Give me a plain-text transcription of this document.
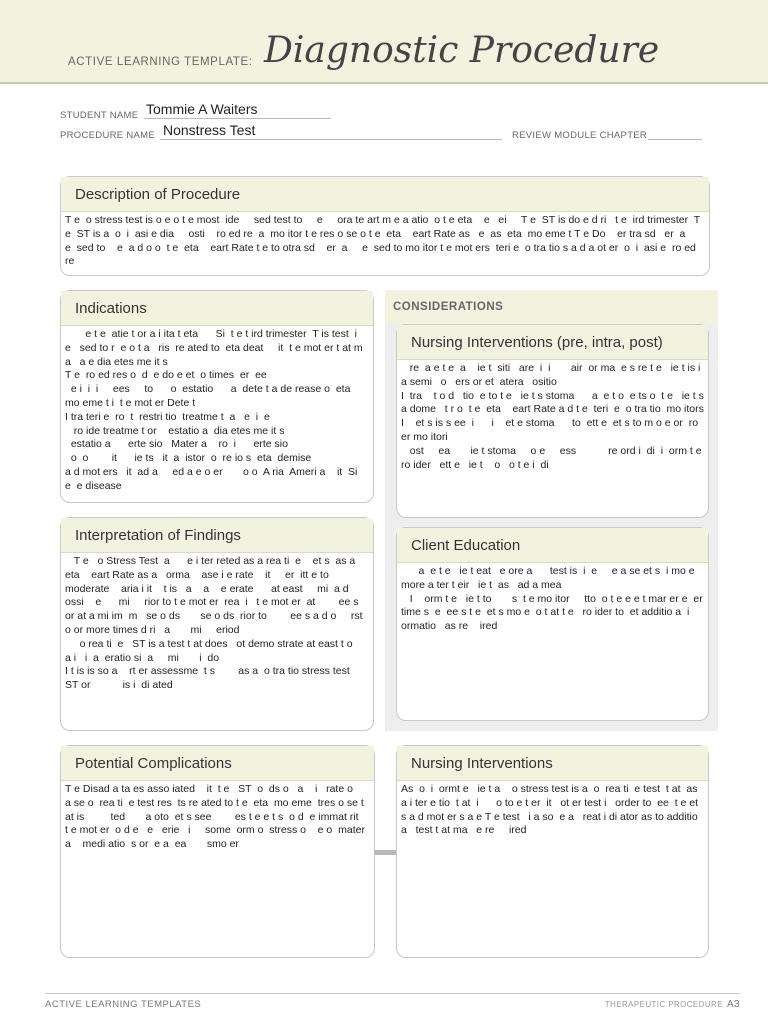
ACTIVE LEARNING TEMPLATE: Diagnostic Procedure
STUDENT NAME Tommie A Waiters
PROCEDURE NAME Nonstress Test	REVIEW MODULE CHAPTER
Description of Procedure
T e  o stress test is o e o t e most  ide     sed test to     e     ora te art m e a atio  o t e eta    e   ei     T e  ST is do e d ri   t e  ird trimester  T e  ST is a  o  i  asi e dia     osti    ro ed re  a  mo itor t e res o se o t e  eta    eart Rate as   e  as  eta  mo eme t T e Do    er tra sd   er  a     e  sed to    e  a d o o  t e  eta    eart Rate t e to otra sd    er  a     e  sed to mo itor t e mot ers  teri e  o tra tio s a d a ot er  o  i  asi e  ro ed re
Indications
e t e  atie t or a i ita t eta      Si  t e t ird trimester  T is test  i   e   sed to r  e o t a   ris  re ated to  eta deat     it  t e mot er t at m a   a e dia etes me it s
T e  ro ed res o  d  e do e et  o times  er  ee
e i  i  i     ees     to      o  estatio      a  dete t a de rease o  eta  mo eme t i  t e mot er Dete t
I tra teri e  ro  t  restri tio  treatme t  a   e  i  e
ro ide treatme t or    estatio a  dia etes me it s
estatio a      erte sio   Mater a    ro  i      erte sio
o  o        it      ie ts   it  a  istor  o  re io s  eta  demise
a d mot ers   it  ad a     ed a e o er       o o  A ria  Ameri a    it  Si    e  e disease
Interpretation of Findings
T e   o Stress Test  a      e i ter reted as a rea ti  e    et s  as a    eta    eart Rate as a   orma    ase i e rate    it     er  itt e to moderate    aria i it    t is   a    a    e erate      at east     mi  a d  ossi    e      mi     rior to t e mot er  rea  i   t e mot er  at        ee s or at a mi im  m   se o ds       se o ds  rior to        ee s a d o     rst  o or more times d ri   a       mi     eriod
o rea ti  e   ST is a test t at does   ot demo strate at east t o       a i   i  a  eratio si  a     mi       i  do
I t is is so a    rt er assessme  t s        as a  o tra tio stress test   ST or           is i  di ated
CONSIDERATIONS
Nursing Interventions (pre, intra, post)
re  a e t e  a    ie t  siti   are  i  i       air  or ma  e s re t e   ie t is i  a semi   o   ers or et  atera   ositio
I  tra    t o d   tio  e to t e   ie t s stoma      a  e t o  e ts o  t e   ie t s a dome   t r o  t e  eta    eart Rate a d t e  teri  e  o tra tio  mo itors I    et s is s ee  i      i    et e stoma      to  ett e  et s to m o e or  ro  er mo itori
ost     ea       ie t stoma     o e     ess           re ord i  di  i  orm t e   ro ider   ett e   ie t    o   o t e i  di
Client Education
a  e t e   ie t eat   e ore a      test is  i  e     e a se et s  i mo e more a ter t eir   ie t  as   ad a mea
I    orm t e   ie t to       s  t e mo itor     tto  o t e e e t mar er e  er  time s  e  ee s t e  et s mo e  o t at t e   ro ider to  et additio a  i   ormatio   as re    ired
Potential Complications
T e Disad a ta es asso iated    it  t e   ST  o  ds o   a    i   rate o    a se o  rea ti  e test res  ts re ated to t e  eta  mo eme  tres o se t  at is         ted       a oto  et s see        es t e e t s  o d  e immat rit   t e mot er  o d e   e   erie   i     some  orm o  stress o    e o  mater a    medi atio  s or  e a  ea       smo er
Nursing Interventions
As  o  i  ormt e   ie t a    o stress test is a  o  rea ti  e test  t at  as a i ter e tio  t at  i      o to e t er  it   ot er test i   order to  ee  t e et s a d mot er s a e T e test   i a so  e a   reat i di ator as to additio a   test t at ma   e re     ired
ACTIVE LEARNING TEMPLATES	THERAPEUTIC PROCEDURE A3
